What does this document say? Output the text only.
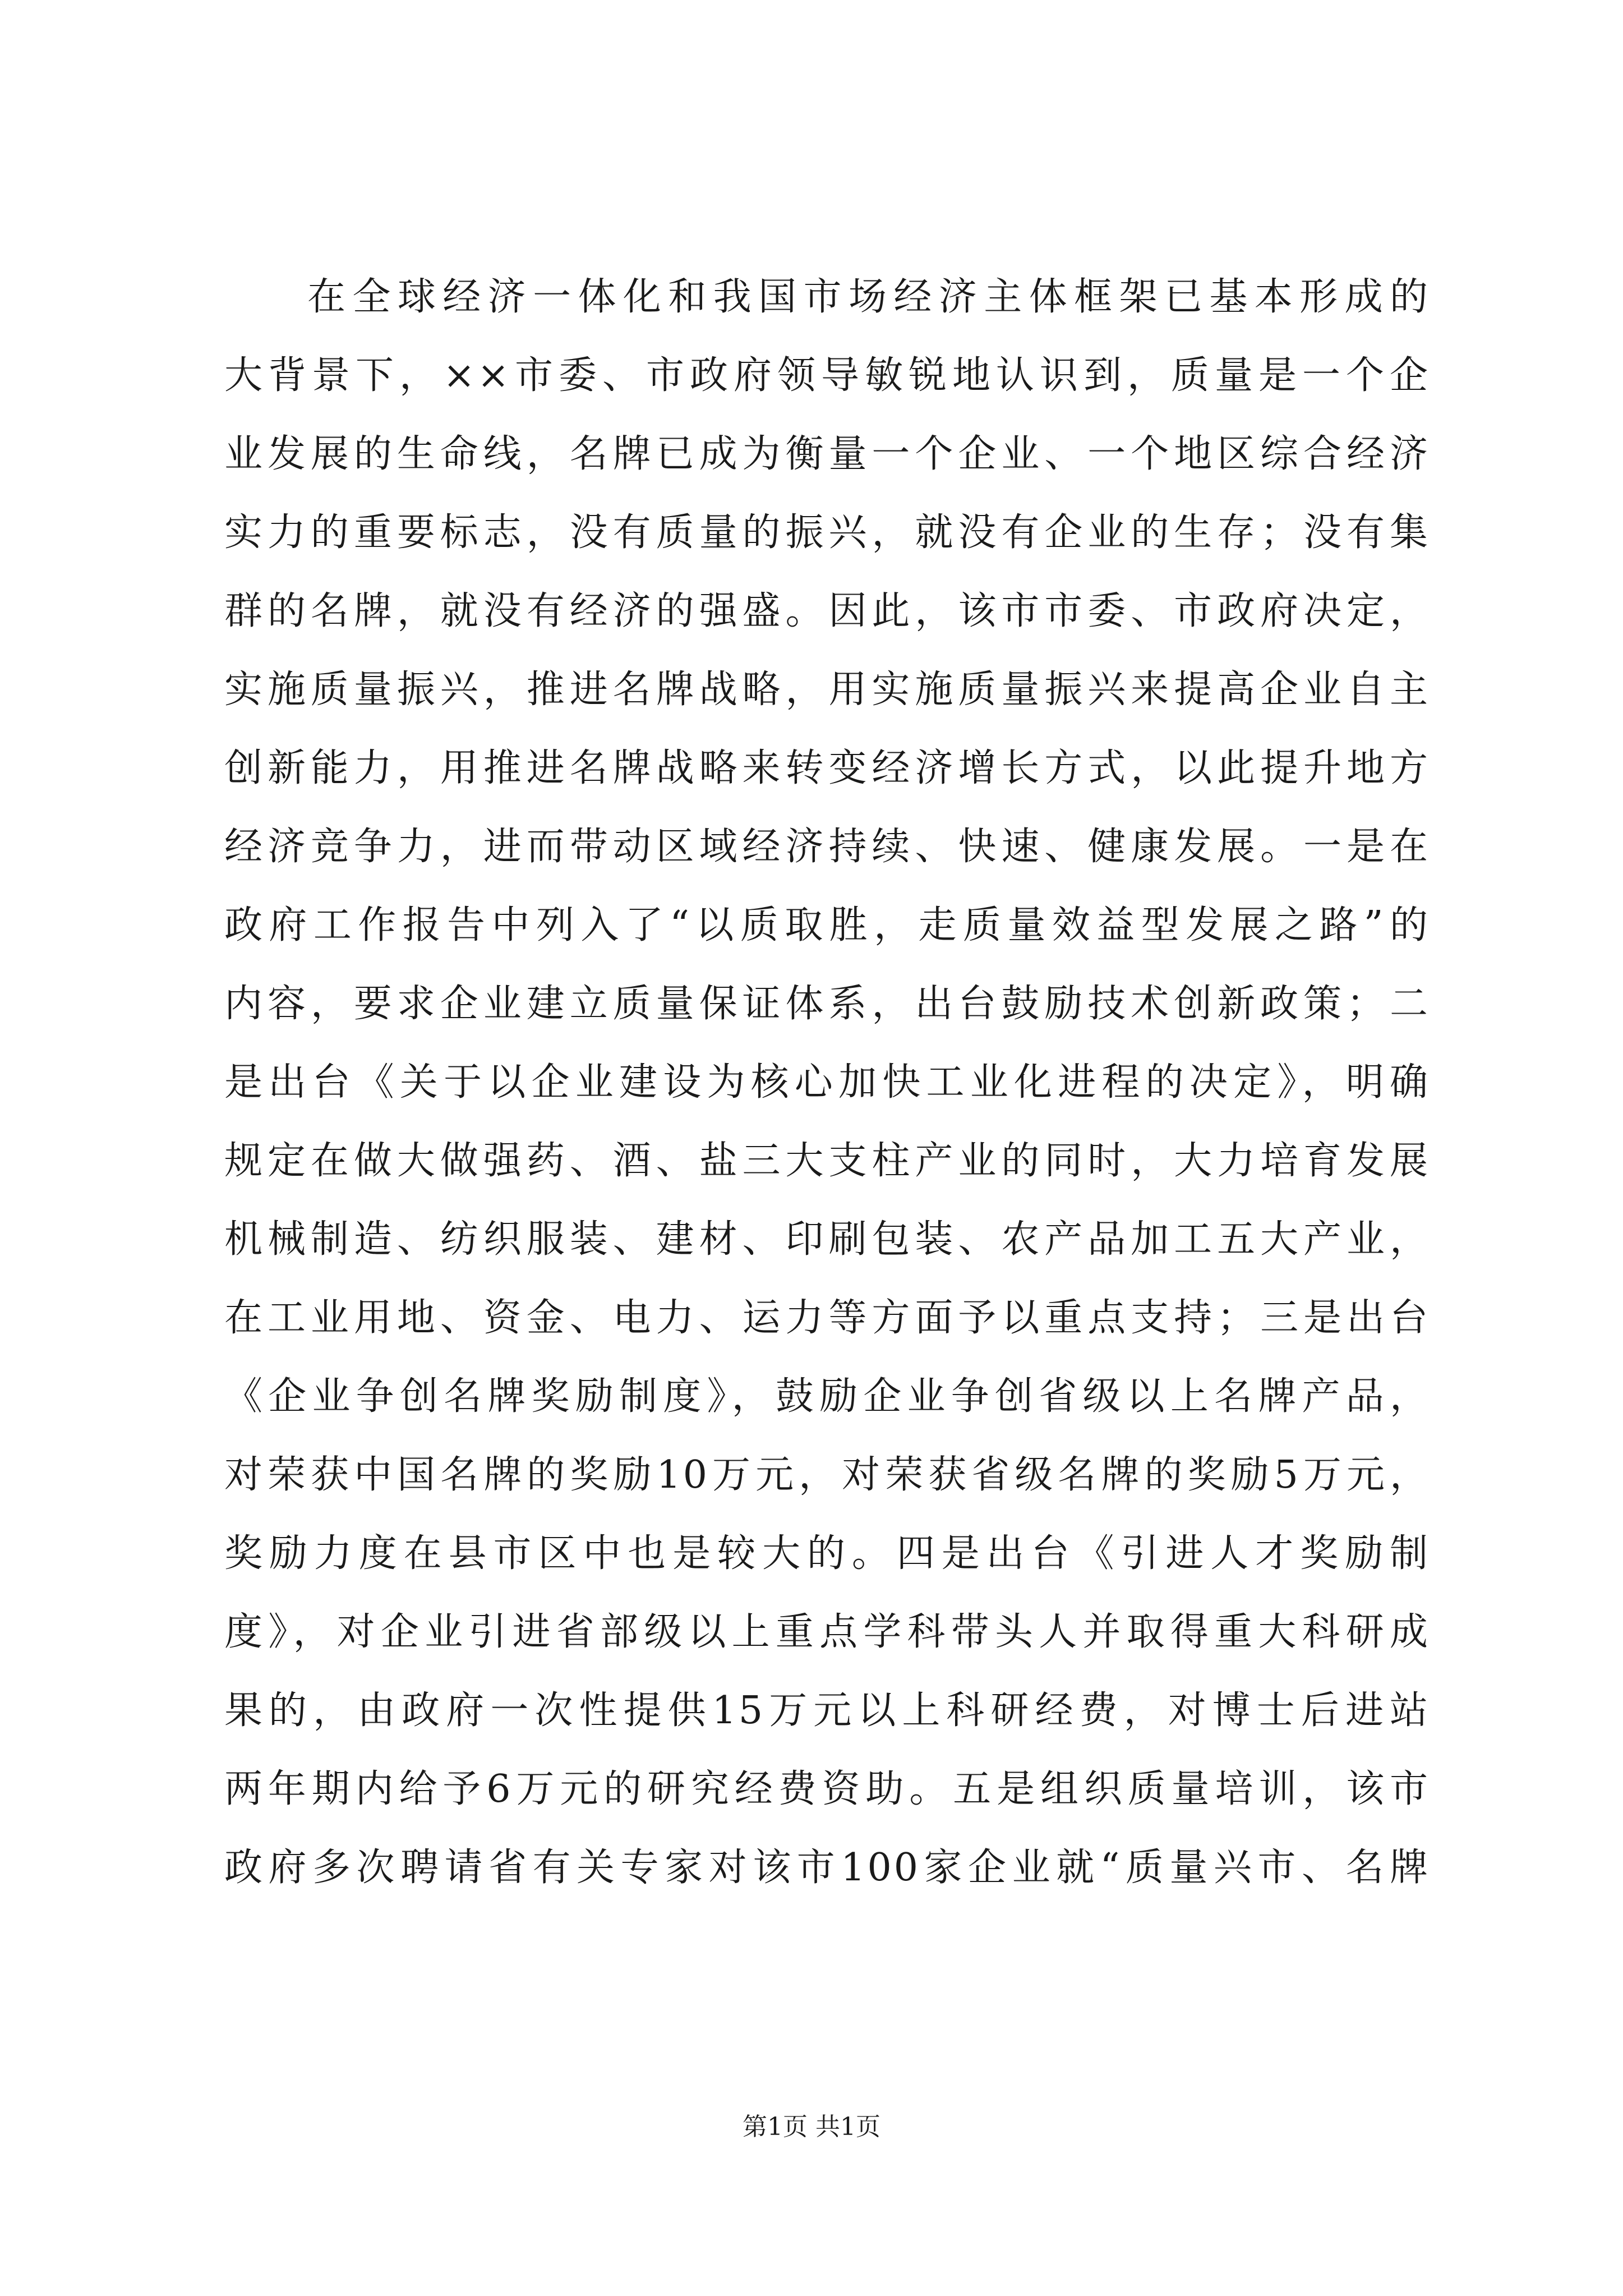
在全球经济一体化和我国市场经济主体框架已基本形成的
大背景下，××市委、市政府领导敏锐地认识到，质量是一个企
业发展的生命线，名牌已成为衡量一个企业、一个地区综合经济
实力的重要标志，没有质量的振兴，就没有企业的生存；没有集
群的名牌，就没有经济的强盛。因此，该市市委、市政府决定，
实施质量振兴，推进名牌战略，用实施质量振兴来提高企业自主
创新能力，用推进名牌战略来转变经济增长方式，以此提升地方
经济竞争力，进而带动区域经济持续、快速、健康发展。一是在
政府工作报告中列入了“以质取胜，走质量效益型发展之路”的
内容，要求企业建立质量保证体系，出台鼓励技术创新政策；二
是出台《关于以企业建设为核心加快工业化进程的决定》，明确
规定在做大做强药、酒、盐三大支柱产业的同时，大力培育发展
机械制造、纺织服装、建材、印刷包装、农产品加工五大产业，
在工业用地、资金、电力、运力等方面予以重点支持；三是出台
《企业争创名牌奖励制度》，鼓励企业争创省级以上名牌产品，
对荣获中国名牌的奖励10万元，对荣获省级名牌的奖励5万元，
奖励力度在县市区中也是较大的。四是出台《引进人才奖励制
度》，对企业引进省部级以上重点学科带头人并取得重大科研成
果的，由政府一次性提供15万元以上科研经费，对博士后进站
两年期内给予6万元的研究经费资助。五是组织质量培训，该市
政府多次聘请省有关专家对该市100家企业就“质量兴市、名牌
第1页 共1页
